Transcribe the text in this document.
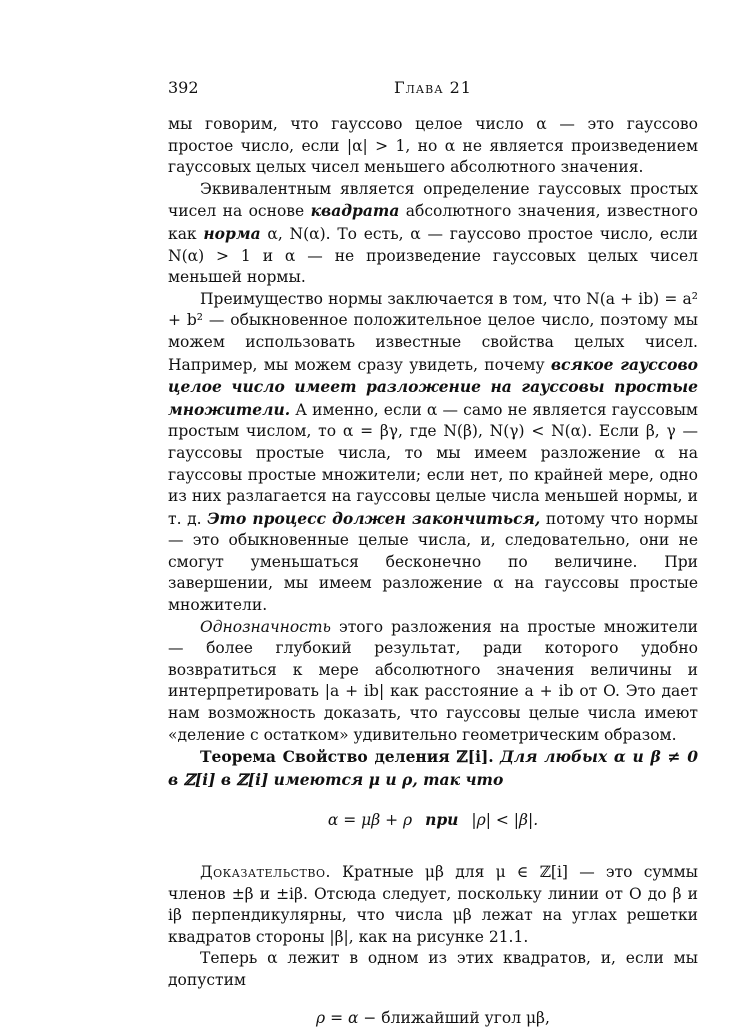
392	Глава 21

мы говорим, что гауссово целое число α — это гауссово простое число, если |α| > 1, но α не является произведением гауссовых целых чисел меньшего абсолютного значения.

Эквивалентным является определение гауссовых простых чисел на основе квадрата абсолютного значения, известного как норма α, N(α). То есть, α — гауссово простое число, если N(α) > 1 и α — не произведение гауссовых целых чисел меньшей нормы.

Преимущество нормы заключается в том, что N(a + ib) = a² + b² — обыкновенное положительное целое число, поэтому мы можем использовать известные свойства целых чисел. Например, мы можем сразу увидеть, почему всякое гауссово целое число имеет разложение на гауссовы простые множители. А именно, если α — само не является гауссовым простым числом, то α = βγ, где N(β), N(γ) < N(α). Если β, γ — гауссовы простые числа, то мы имеем разложение α на гауссовы простые множители; если нет, по крайней мере, одно из них разлагается на гауссовы целые числа меньшей нормы, и т. д. Это процесс должен закончиться, потому что нормы — это обыкновенные целые числа, и, следовательно, они не смогут уменьшаться бесконечно по величине. При завершении, мы имеем разложение α на гауссовы простые множители.

Однозначность этого разложения на простые множители — более глубокий результат, ради которого удобно возвратиться к мере абсолютного значения величины и интерпретировать |a + ib| как расстояние a + ib от O. Это дает нам возможность доказать, что гауссовы целые числа имеют «деление с остатком» удивительно геометрическим образом.

Теорема Свойство деления ℤ[i]. Для любых α и β ≠ 0 в ℤ[i] в ℤ[i] имеются μ и ρ, так что

α = μβ + ρ при |ρ| < |β|.

Доказательство. Кратные μβ для μ ∈ ℤ[i] — это суммы членов ±β и ±iβ. Отсюда следует, поскольку линии от O до β и iβ перпендикулярны, что числа μβ лежат на углах решетки квадратов стороны |β|, как на рисунке 21.1.

Теперь α лежит в одном из этих квадратов, и, если мы допустим

ρ = α − ближайший угол μβ,
